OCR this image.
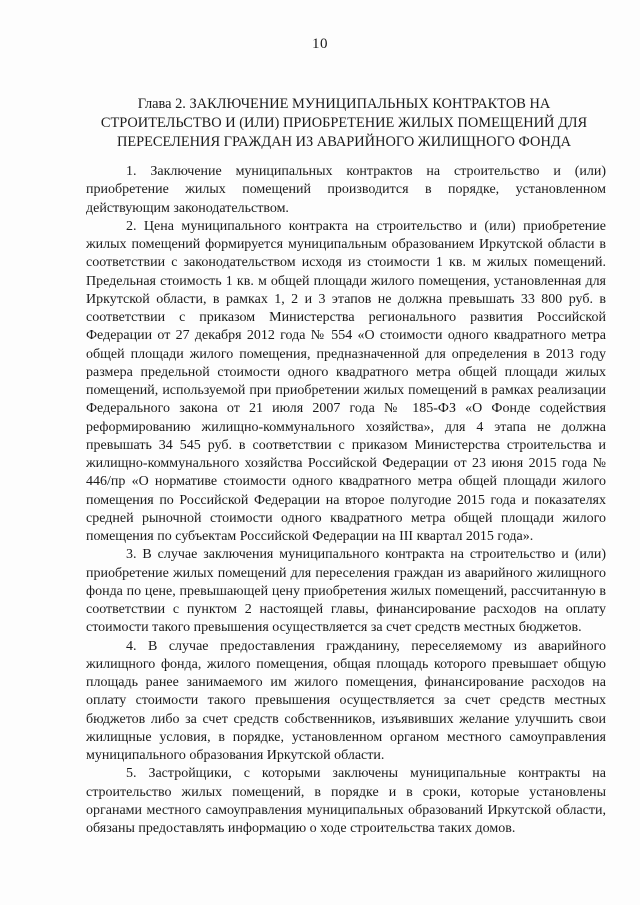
10
Глава 2. ЗАКЛЮЧЕНИЕ МУНИЦИПАЛЬНЫХ КОНТРАКТОВ НА
СТРОИТЕЛЬСТВО И (ИЛИ) ПРИОБРЕТЕНИЕ ЖИЛЫХ ПОМЕЩЕНИЙ ДЛЯ
ПЕРЕСЕЛЕНИЯ ГРАЖДАН ИЗ АВАРИЙНОГО ЖИЛИЩНОГО ФОНДА

1. Заключение муниципальных контрактов на строительство и (или) приобретение жилых помещений производится в порядке, установленном действующим законодательством.

2. Цена муниципального контракта на строительство и (или) приобретение жилых помещений формируется муниципальным образованием Иркутской области в соответствии с законодательством исходя из стоимости 1 кв. м жилых помещений. Предельная стоимость 1 кв. м общей площади жилого помещения, установленная для Иркутской области, в рамках 1, 2 и 3 этапов не должна превышать 33 800 руб. в соответствии с приказом Министерства регионального развития Российской Федерации от 27 декабря 2012 года № 554 «О стоимости одного квадратного метра общей площади жилого помещения, предназначенной для определения в 2013 году размера предельной стоимости одного квадратного метра общей площади жилых помещений, используемой при приобретении жилых помещений в рамках реализации Федерального закона от 21 июля 2007 года № 185-ФЗ «О Фонде содействия реформированию жилищно-коммунального хозяйства», для 4 этапа не должна превышать 34 545 руб. в соответствии с приказом Министерства строительства и жилищно-коммунального хозяйства Российской Федерации от 23 июня 2015 года № 446/пр «О нормативе стоимости одного квадратного метра общей площади жилого помещения по Российской Федерации на второе полугодие 2015 года и показателях средней рыночной стоимости одного квадратного метра общей площади жилого помещения по субъектам Российской Федерации на III квартал 2015 года».

3. В случае заключения муниципального контракта на строительство и (или) приобретение жилых помещений для переселения граждан из аварийного жилищного фонда по цене, превышающей цену приобретения жилых помещений, рассчитанную в соответствии с пунктом 2 настоящей главы, финансирование расходов на оплату стоимости такого превышения осуществляется за счет средств местных бюджетов.

4. В случае предоставления гражданину, переселяемому из аварийного жилищного фонда, жилого помещения, общая площадь которого превышает общую площадь ранее занимаемого им жилого помещения, финансирование расходов на оплату стоимости такого превышения осуществляется за счет средств местных бюджетов либо за счет средств собственников, изъявивших желание улучшить свои жилищные условия, в порядке, установленном органом местного самоуправления муниципального образования Иркутской области.

5. Застройщики, с которыми заключены муниципальные контракты на строительство жилых помещений, в порядке и в сроки, которые установлены органами местного самоуправления муниципальных образований Иркутской области, обязаны предоставлять информацию о ходе строительства таких домов.
